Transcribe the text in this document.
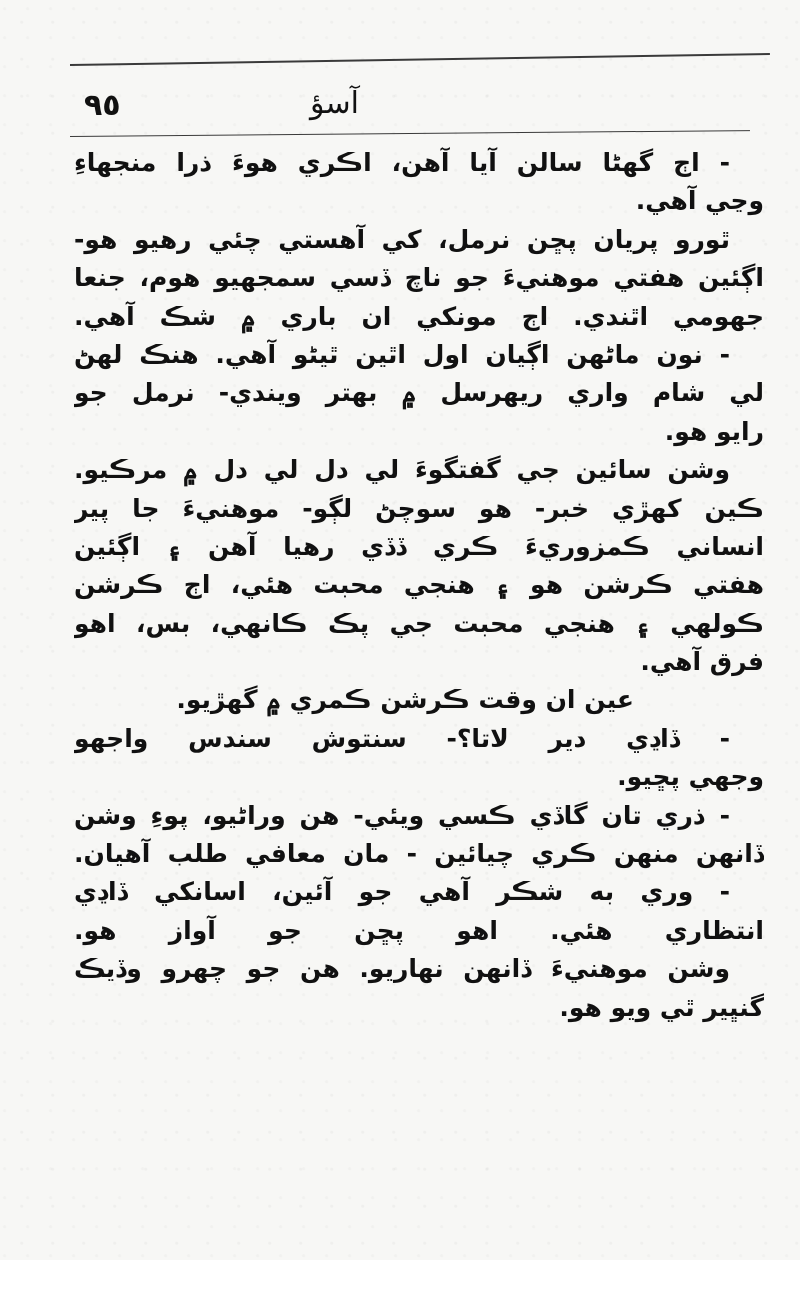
٩٥	آسؤ
- اڄ گهڻا سالن آيا آهن، اڪري هوءَ ذرا منجهاءِ
وڃي آهي.
ٿورو پريان پڇن نرمل، کي آهستي چئي رهيو هو-
اڳئين هفتي موهنيءَ جو ناچ ڏسي سمجهيو هوم، جنعا
جهومي اٿندي. اڄ مونکي ان باري ۾ شڪ آهي.
- نون ماڻهن اڳيان اول اٿين ٿيڻو آهي. هنڪ لهڻ
لي شام واري ريهرسل ۾ بهتر ويندي- نرمل جو
رايو هو.
وشن سائين جي گفتگوءَ لي دل لي دل ۾ مرڪيو.
ڪين کهڙي خبر- هو سوچڻ لڳو- موهنيءَ جا پير
انساني ڪمزوريءَ ڪري ڏڏي رهيا آهن ۽ اڳئين
هفتي ڪرشن هو ۽ هنجي محبت هئي، اڄ ڪرشن
ڪولهي ۽ هنجي محبت جي پڪ ڪانهي، بس، اهو
فرق آهي.
عين ان وقت ڪرشن ڪمري ۾ گهڙيو.
- ڏاڍي دير لاتا؟- سنتوش سندس واجهو
وجهي پڇيو.
- ذري تان گاڏي ڪسي ويئي- هن وراڻيو، پوءِ وشن
ڏانهن منهن ڪري چيائين - مان معافي طلب آهيان.
- وري به شڪر آهي جو آئين، اسانکي ڏاڍي
انتظاري هئي. اهو پڇن جو آواز هو.
وشن موهنيءَ ڏانهن نهاريو. هن جو چهرو وڏيڪ
گنڀير ٿي ويو هو.
